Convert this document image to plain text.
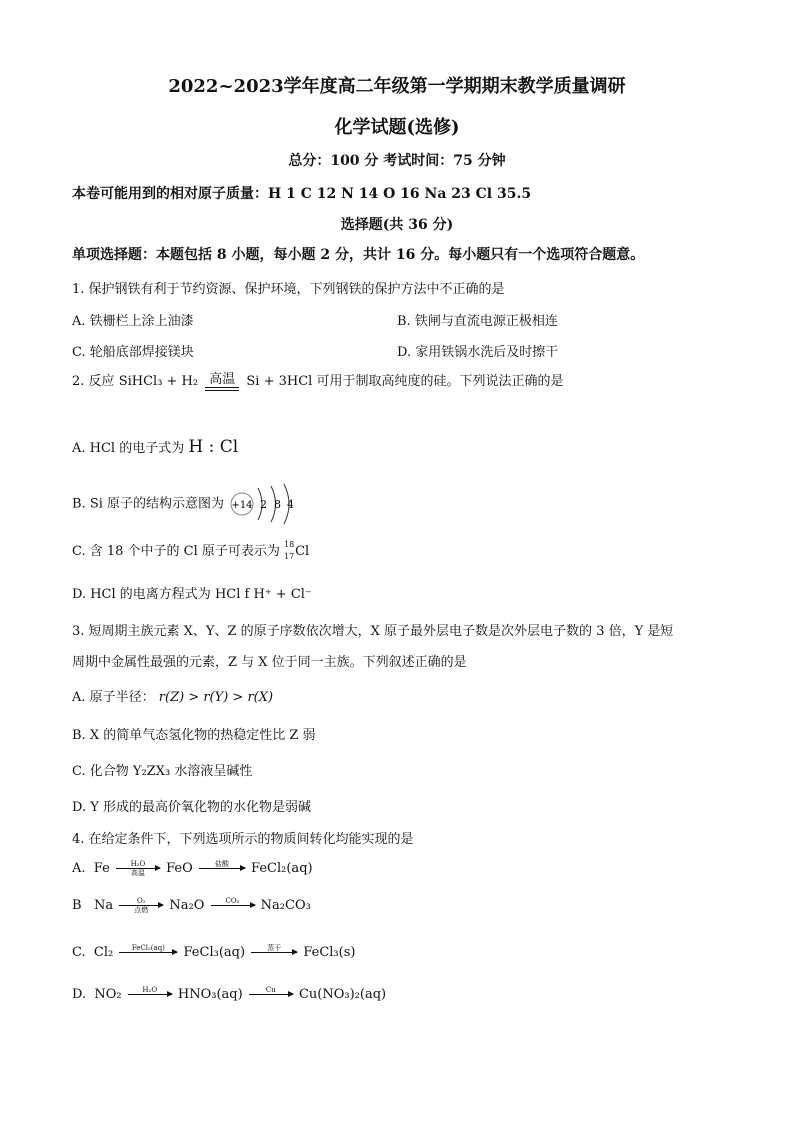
2022~2023学年度高二年级第一学期期末教学质量调研
化学试题(选修)
总分：100 分 考试时间：75 分钟
本卷可能用到的相对原子质量：H 1 C 12 N 14 O 16 Na 23 Cl 35.5
选择题(共 36 分)
单项选择题：本题包括 8 小题，每小题 2 分，共计 16 分。每小题只有一个选项符合题意。
1. 保护钢铁有利于节约资源、保护环境，下列钢铁的保护方法中不正确的是
A. 铁栅栏上涂上油漆	B. 铁闸与直流电源正极相连
C. 轮船底部焊接镁块	D. 家用铁锅水洗后及时擦干
2. 反应 SiHCl₃ + H₂ 高温 Si + 3HCl 可用于制取高纯度的硅。下列说法正确的是
A. HCl 的电子式为 H : Cl
B. Si 原子的结构示意图为 +14 2 8 4
C. 含 18 个中子的 Cl 原子可表示为 18
17 Cl
D. HCl 的电离方程式为 HCl f H⁺ + Cl⁻
3. 短周期主族元素 X、Y、Z 的原子序数依次增大，X 原子最外层电子数是次外层电子数的 3 倍，Y 是短
周期中金属性最强的元素，Z 与 X 位于同一主族。下列叙述正确的是
A. 原子半径： r(Z) > r(Y) > r(X)
B. X 的简单气态氢化物的热稳定性比 Z 弱
C. 化合物 Y₂ZX₃ 水溶液呈碱性
D. Y 形成的最高价氧化物的水化物是弱碱
4. 在给定条件下，下列选项所示的物质间转化均能实现的是
A. Fe	H₂O
高温	FeO	盐酸
	FeCl₂(aq)
B Na	O₂
点燃	Na₂O	CO₂
	Na₂CO₃
C. Cl₂	FeCl₂(aq)
	FeCl₃(aq)	蒸干
	FeCl₃(s)
D. NO₂	H₂O
	HNO₃(aq)	Cu
	Cu(NO₃)₂(aq)
